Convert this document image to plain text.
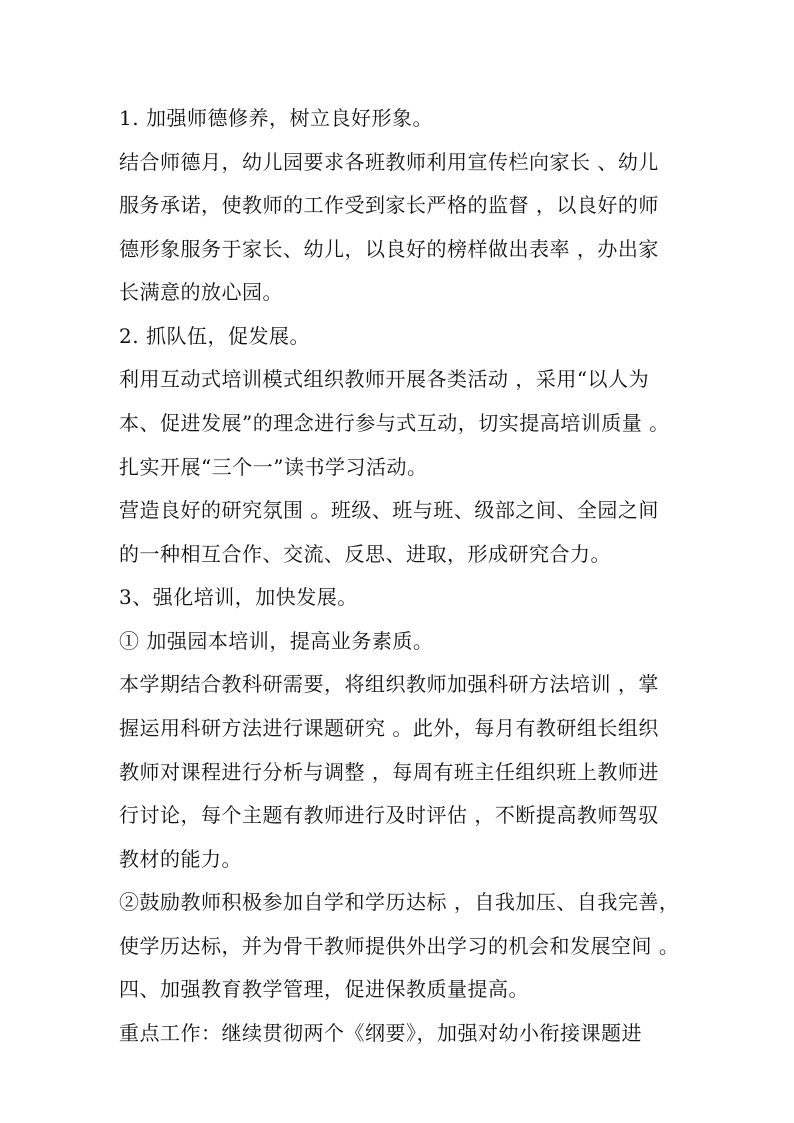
1. 加强师德修养，树立良好形象。

结合师德月，幼儿园要求各班教师利用宣传栏向家长 、幼儿

服务承诺，使教师的工作受到家长严格的监督 ，以良好的师

德形象服务于家长、幼儿，以良好的榜样做出表率 ，办出家

长满意的放心园。

2. 抓队伍，促发展。

利用互动式培训模式组织教师开展各类活动 ，采用“以人为

本、促进发展”的理念进行参与式互动，切实提高培训质量 。

扎实开展“三个一”读书学习活动。

营造良好的研究氛围 。班级、班与班、级部之间、全园之间

的一种相互合作、交流、反思、进取，形成研究合力。

3、强化培训，加快发展。

① 加强园本培训，提高业务素质。

本学期结合教科研需要，将组织教师加强科研方法培训 ，掌

握运用科研方法进行课题研究 。此外，每月有教研组长组织

教师对课程进行分析与调整 ，每周有班主任组织班上教师进

行讨论，每个主题有教师进行及时评估 ，不断提高教师驾驭

教材的能力。

②鼓励教师积极参加自学和学历达标 ，自我加压、自我完善，

使学历达标，并为骨干教师提供外出学习的机会和发展空间 。

四、加强教育教学管理，促进保教质量提高。

重点工作：继续贯彻两个《纲要》，加强对幼小衔接课题进
